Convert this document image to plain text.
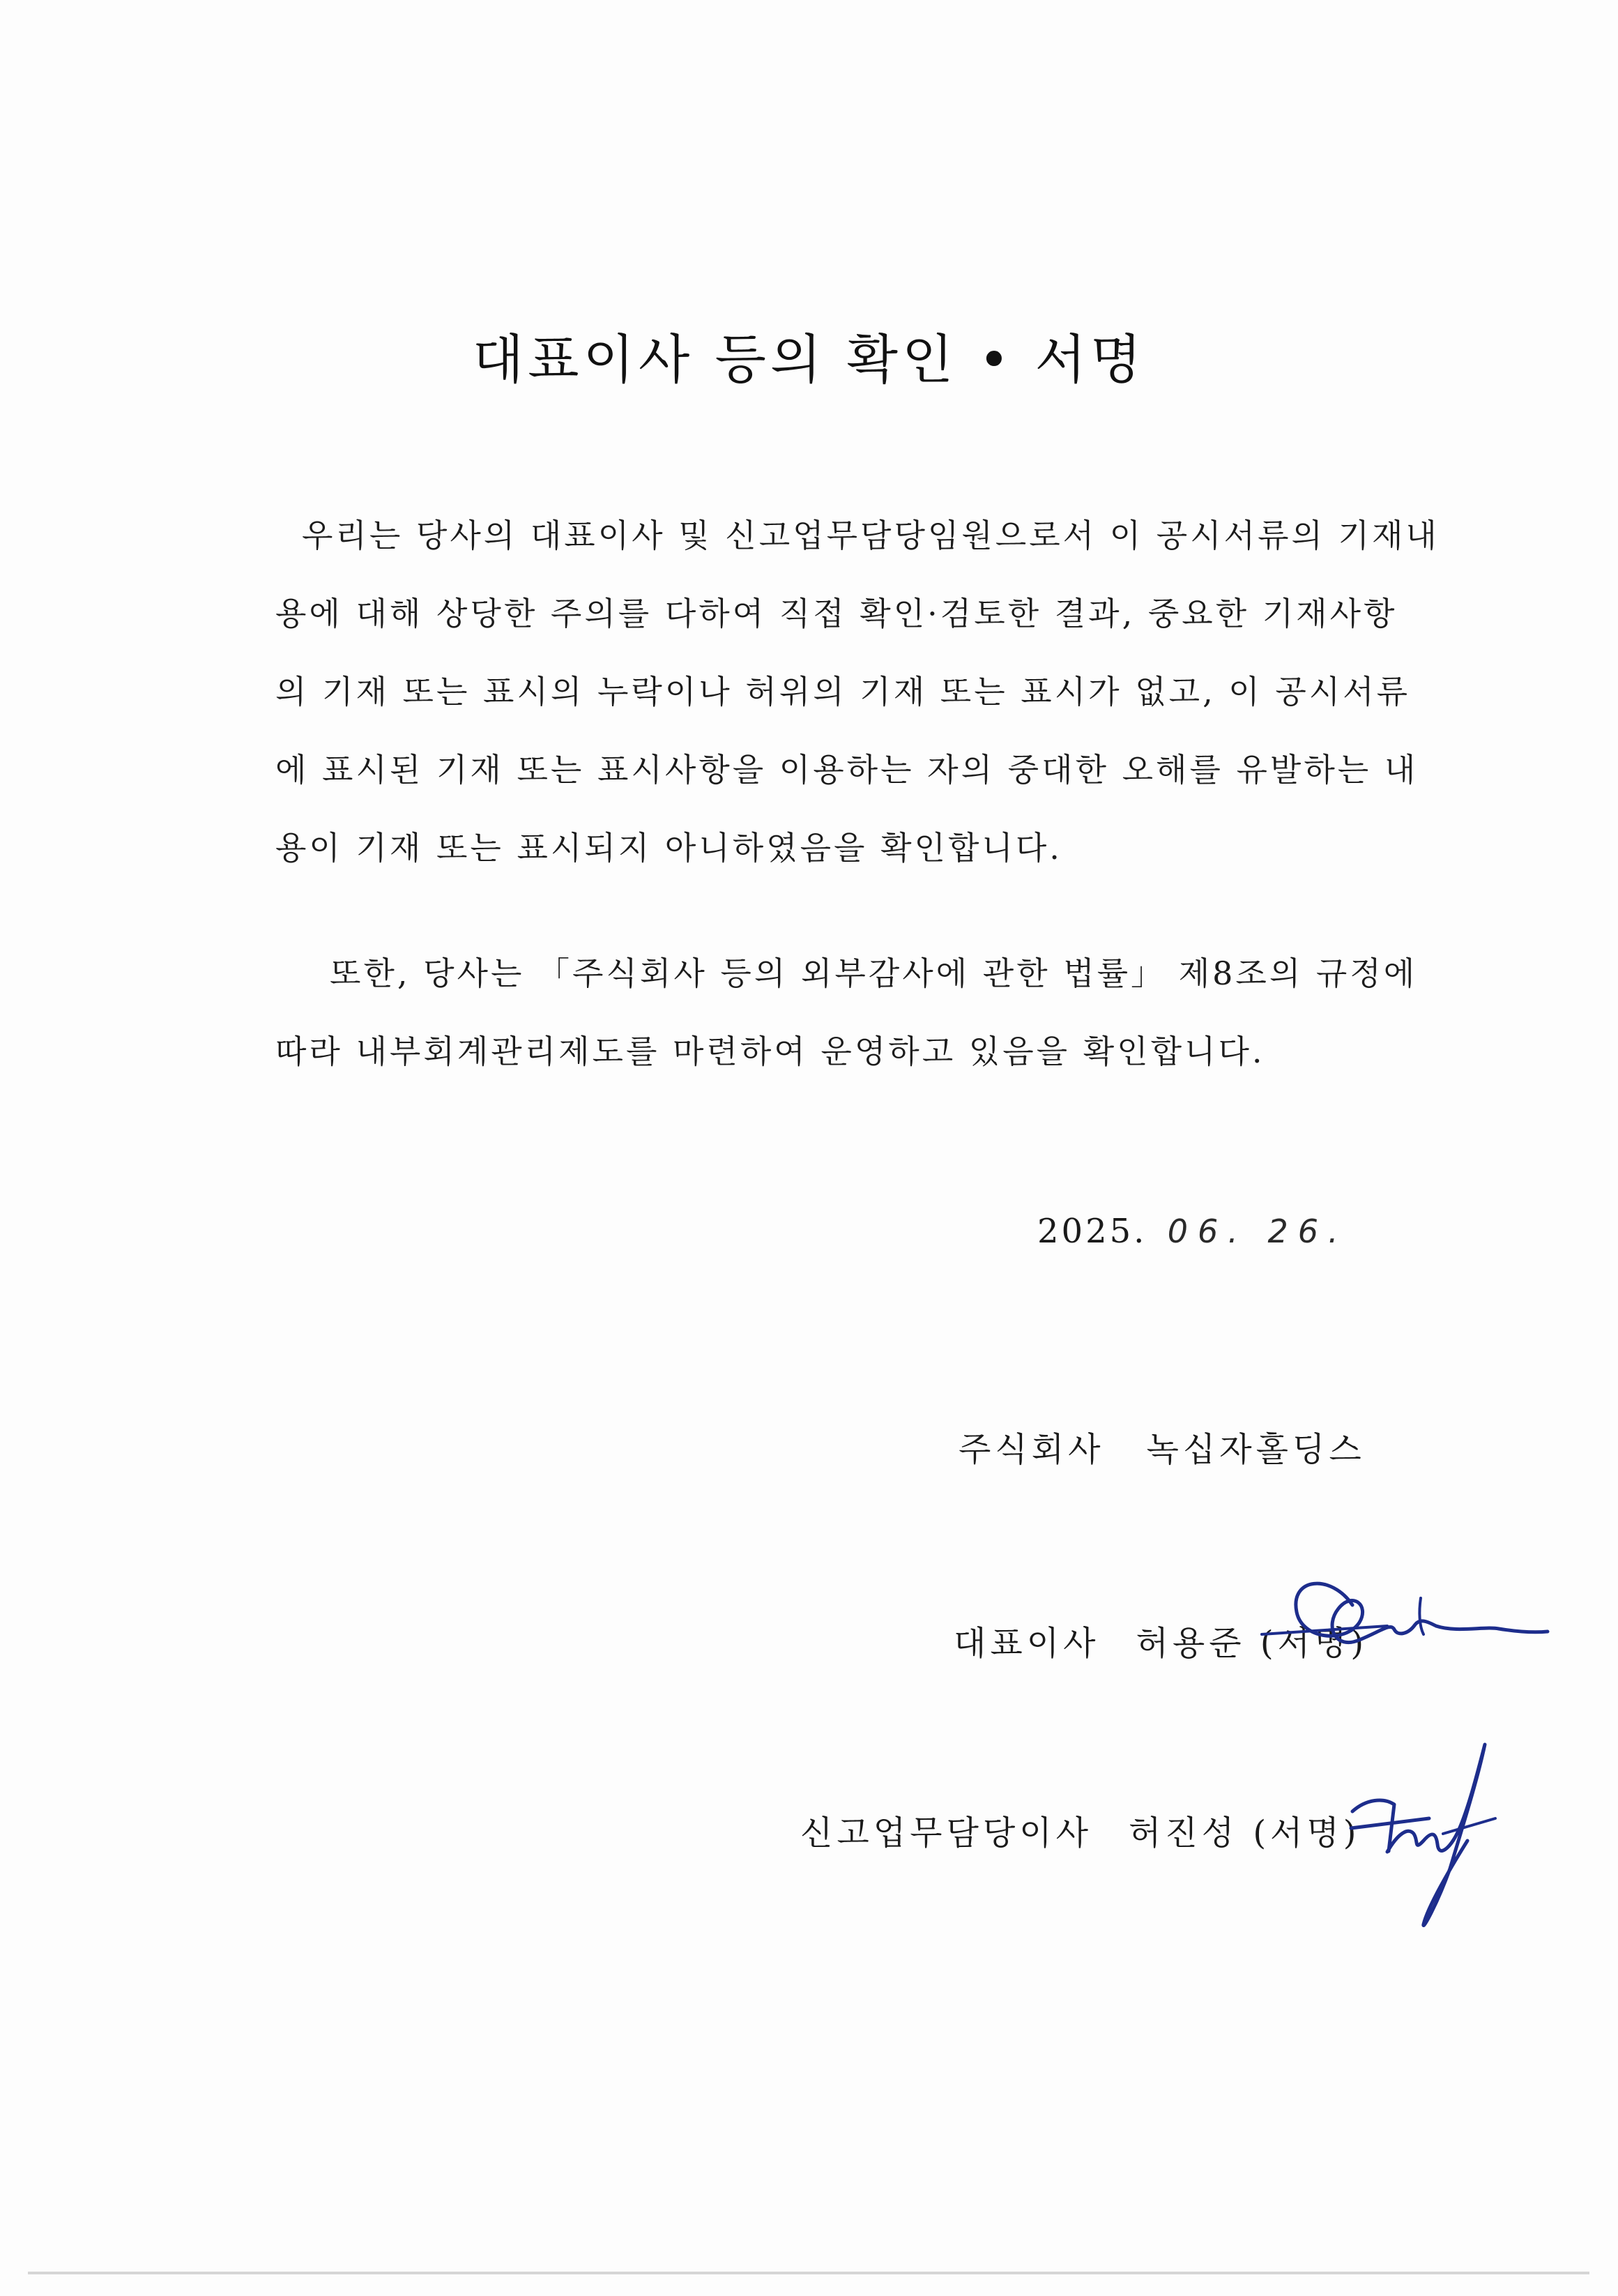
대표이사 등의 확인 • 서명
우리는 당사의 대표이사 및 신고업무담당임원으로서 이 공시서류의 기재내
용에 대해 상당한 주의를 다하여 직접 확인·검토한 결과, 중요한 기재사항
의 기재 또는 표시의 누락이나 허위의 기재 또는 표시가 없고, 이 공시서류
에 표시된 기재 또는 표시사항을 이용하는 자의 중대한 오해를 유발하는 내
용이 기재 또는 표시되지 아니하였음을 확인합니다.
또한, 당사는 「주식회사 등의 외부감사에 관한 법률」 제8조의 규정에
따라 내부회계관리제도를 마련하여 운영하고 있음을 확인합니다.
2025. 06. 26.
주식회사 녹십자홀딩스
대표이사 허용준 (서명)
신고업무담당이사 허진성 (서명)
